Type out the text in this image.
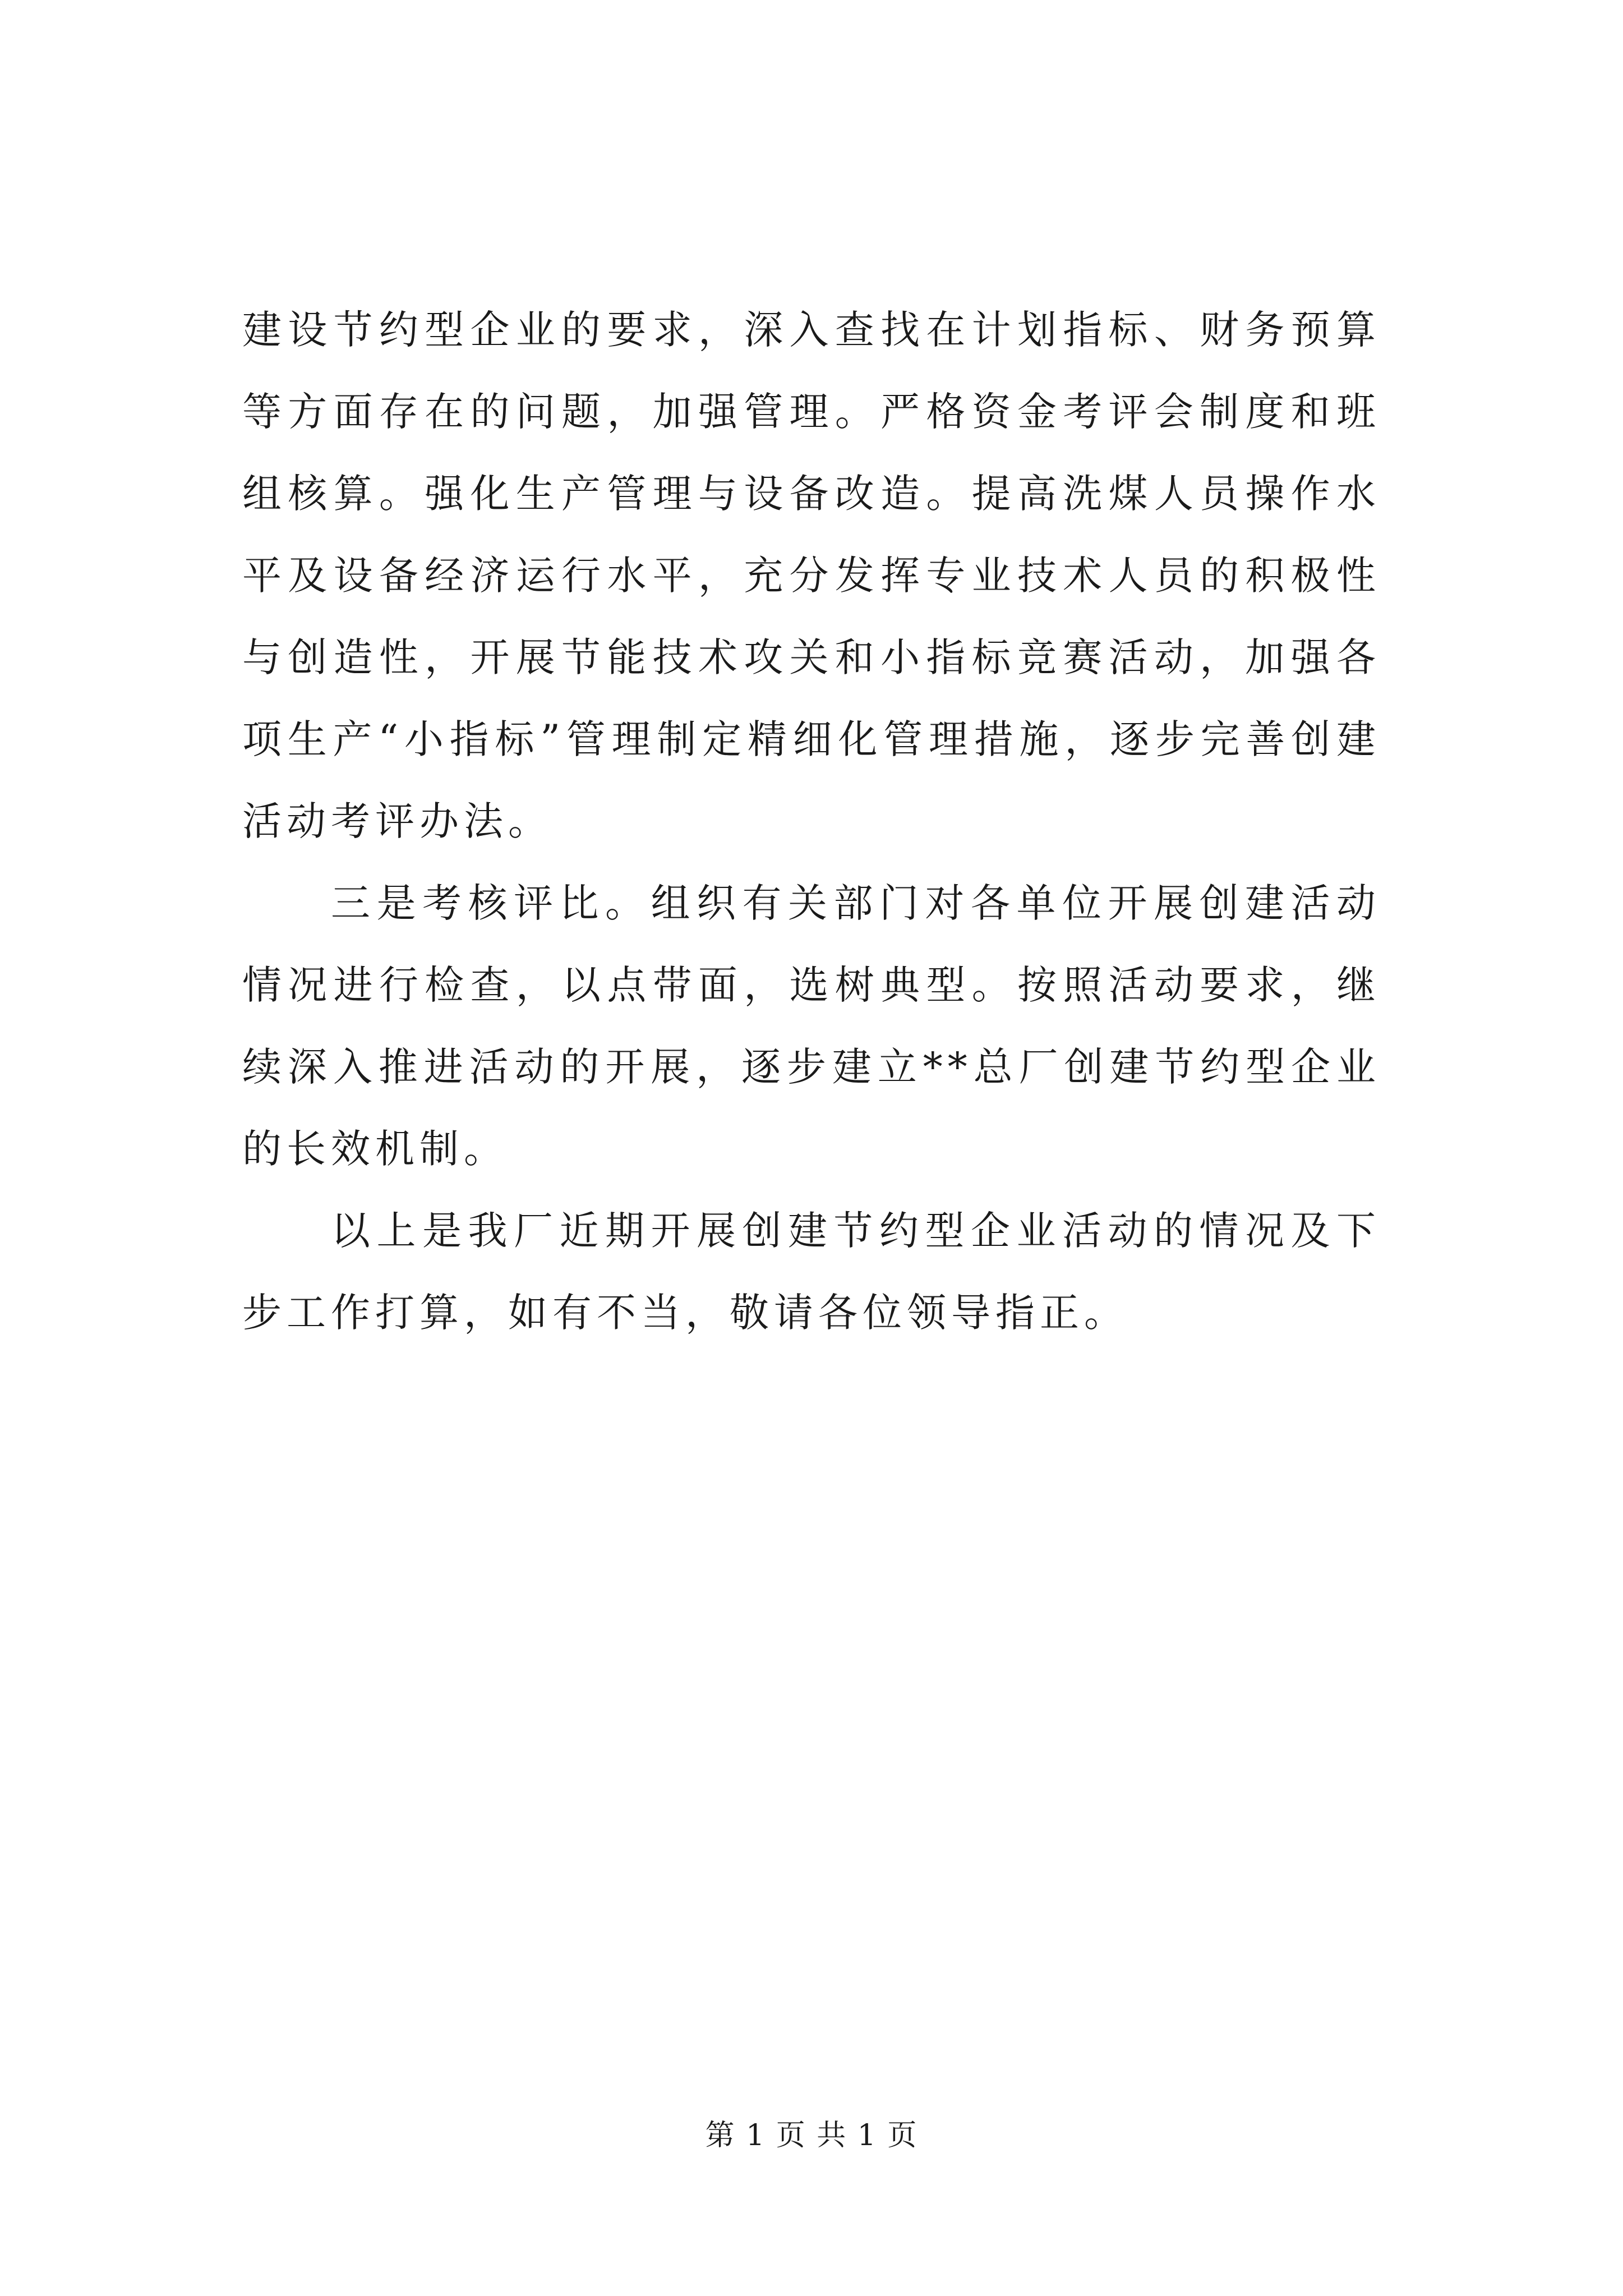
建设节约型企业的要求，深入查找在计划指标、财务预算等方面存在的问题，加强管理。严格资金考评会制度和班组核算。强化生产管理与设备改造。提高洗煤人员操作水平及设备经济运行水平，充分发挥专业技术人员的积极性与创造性，开展节能技术攻关和小指标竞赛活动，加强各项生产“小指标”管理制定精细化管理措施，逐步完善创建活动考评办法。

三是考核评比。组织有关部门对各单位开展创建活动情况进行检查，以点带面，选树典型。按照活动要求，继续深入推进活动的开展，逐步建立**总厂创建节约型企业的长效机制。

以上是我厂近期开展创建节约型企业活动的情况及下步工作打算，如有不当，敬请各位领导指正。

第 1 页 共 1 页
